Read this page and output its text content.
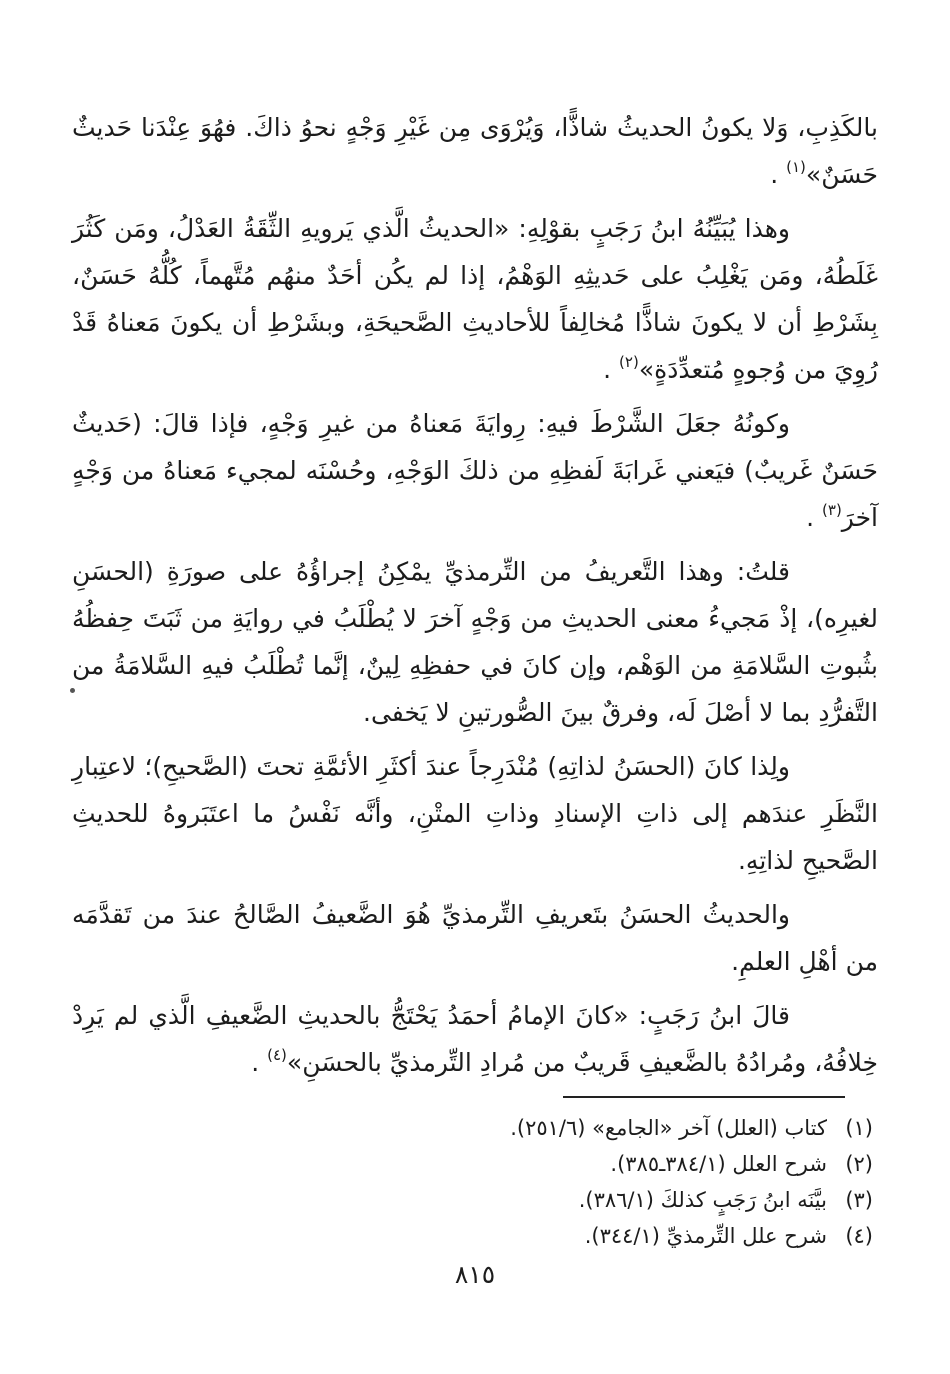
بالكَذِبِ، وَلا يكونُ الحديثُ شاذًّا، وَيُرْوَى مِن غَيْرِ وَجْهٍ نحوُ ذاكَ. فهُوَ عِنْدَنا حَديثٌ حَسَنٌ»$^{(١)}$ .

وهذا يُبَيِّنُهُ ابنُ رَجَبٍ بقوْلِهِ: «الحديثُ الَّذي يَرويهِ الثِّقَةُ العَدْلُ، ومَن كَثُرَ غَلَطُهُ، ومَن يَغْلِبُ على حَديثِهِ الوَهْمُ، إذا لم يكُن أحَدٌ منهُم مُتَّهماً، كُلُّهُ حَسَنٌ، بِشَرْطِ أن لا يكونَ شاذًّا مُخالِفاً للأحاديثِ الصَّحيحَةِ، وبشَرْطِ أن يكونَ مَعناهُ قَدْ رُوِيَ من وُجوهٍ مُتعدِّدَةٍ»$^{(٢)}$ .

وكونُهُ جعَلَ الشَّرْطَ فيهِ: رِوايَةَ مَعناهُ من غيرِ وَجْهٍ، فإذا قالَ: (حَديثٌ حَسَنٌ غَريبٌ) فيَعني غَرابَةَ لَفظِهِ من ذلكَ الوَجْهِ، وحُسْنَه لمجيء مَعناهُ من وَجْهٍ آخرَ$^{(٣)}$ .

قلتُ: وهذا التَّعريفُ من التِّرمذيِّ يمْكِنُ إجراؤُهُ على صورَةِ (الحسَنِ لغيرِه)، إذْ مَجيءُ معنى الحديثِ من وَجْهٍ آخرَ لا يُطْلَبُ في روايَةِ من ثَبَتَ حِفظُهُ بثُبوتِ السَّلامَةِ من الوَهْم، وإن كانَ في حفظِهِ لِينٌ، إنَّما تُطْلَبُ فيهِ السَّلامَةُ من التَّفرُّدِ بما لا أصْلَ لَه، وفرقٌ بينَ الصُّورتينِ لا يَخفى.

ولِذا كانَ (الحسَنُ لذاتِهِ) مُنْدَرِجاً عندَ أكثَرِ الأئمَّةِ تحتَ (الصَّحيحِ)؛ لاعتِبارِ النَّظَرِ عندَهم إلى ذاتِ الإسنادِ وذاتِ المتْنِ، وأنَّه نَفْسُ ما اعتَبَروهُ للحديثِ الصَّحيحِ لذاتِهِ.

والحديثُ الحسَنُ بتَعريفِ التِّرمذيِّ هُوَ الضَّعيفُ الصَّالحُ عندَ من تَقدَّمَه من أهْلِ العلمِ.

قالَ ابنُ رَجَبٍ: «كانَ الإمامُ أحمَدُ يَحْتَجُّ بالحديثِ الضَّعيفِ الَّذي لم يَرِدْ خِلافُهُ، ومُرادُهُ بالضَّعيفِ قَريبٌ من مُرادِ التِّرمذيِّ بالحسَنِ»$^{(٤)}$ .

(١)
كتاب (العلل) آخر «الجامع» (٢٥١/٦).
(٢)
شرح العلل (٣٨٤/١ـ٣٨٥).
(٣)
بيَّنَه ابنُ رَجَبٍ كذلكَ (٣٨٦/١).
(٤)
شرح علل التِّرمذيِّ (٣٤٤/١).
٨١٥
